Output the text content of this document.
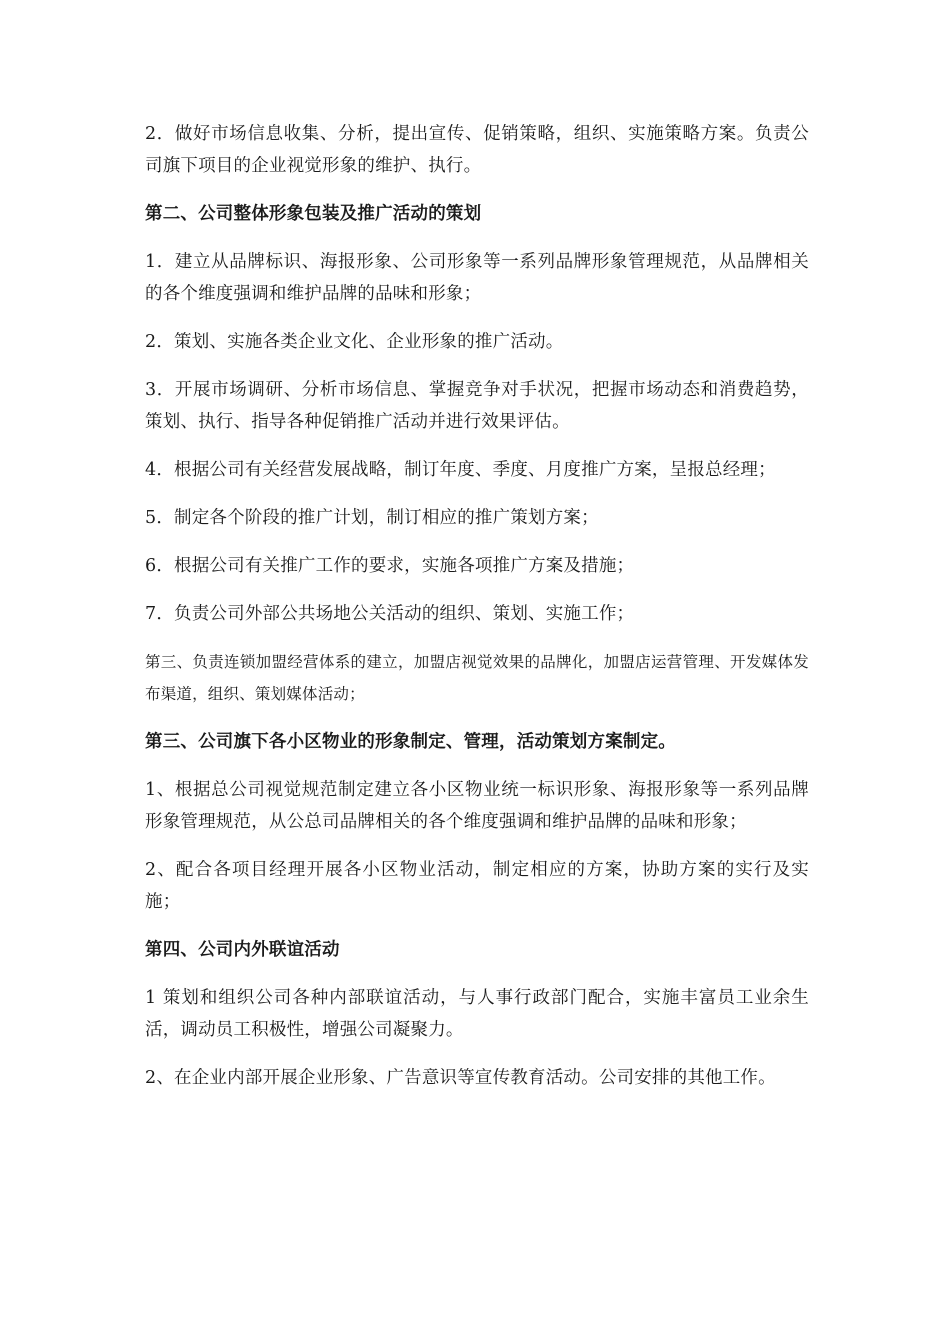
2．做好市场信息收集、分析，提出宣传、促销策略，组织、实施策略方案。负责公司旗下项目的企业视觉形象的维护、执行。

第二、公司整体形象包装及推广活动的策划

1．建立从品牌标识、海报形象、公司形象等一系列品牌形象管理规范，从品牌相关的各个维度强调和维护品牌的品味和形象；

2．策划、实施各类企业文化、企业形象的推广活动。

3．开展市场调研、分析市场信息、掌握竞争对手状况，把握市场动态和消费趋势，策划、执行、指导各种促销推广活动并进行效果评估。

4．根据公司有关经营发展战略，制订年度、季度、月度推广方案，呈报总经理；

5．制定各个阶段的推广计划，制订相应的推广策划方案；

6．根据公司有关推广工作的要求，实施各项推广方案及措施；

7．负责公司外部公共场地公关活动的组织、策划、实施工作；

第三、负责连锁加盟经营体系的建立，加盟店视觉效果的品牌化，加盟店运营管理、开发媒体发布渠道，组织、策划媒体活动；

第三、公司旗下各小区物业的形象制定、管理，活动策划方案制定。

1、根据总公司视觉规范制定建立各小区物业统一标识形象、海报形象等一系列品牌形象管理规范，从公总司品牌相关的各个维度强调和维护品牌的品味和形象；

2、配合各项目经理开展各小区物业活动，制定相应的方案，协助方案的实行及实施；

第四、公司内外联谊活动

1 策划和组织公司各种内部联谊活动，与人事行政部门配合，实施丰富员工业余生活，调动员工积极性，增强公司凝聚力。

2、在企业内部开展企业形象、广告意识等宣传教育活动。公司安排的其他工作。
